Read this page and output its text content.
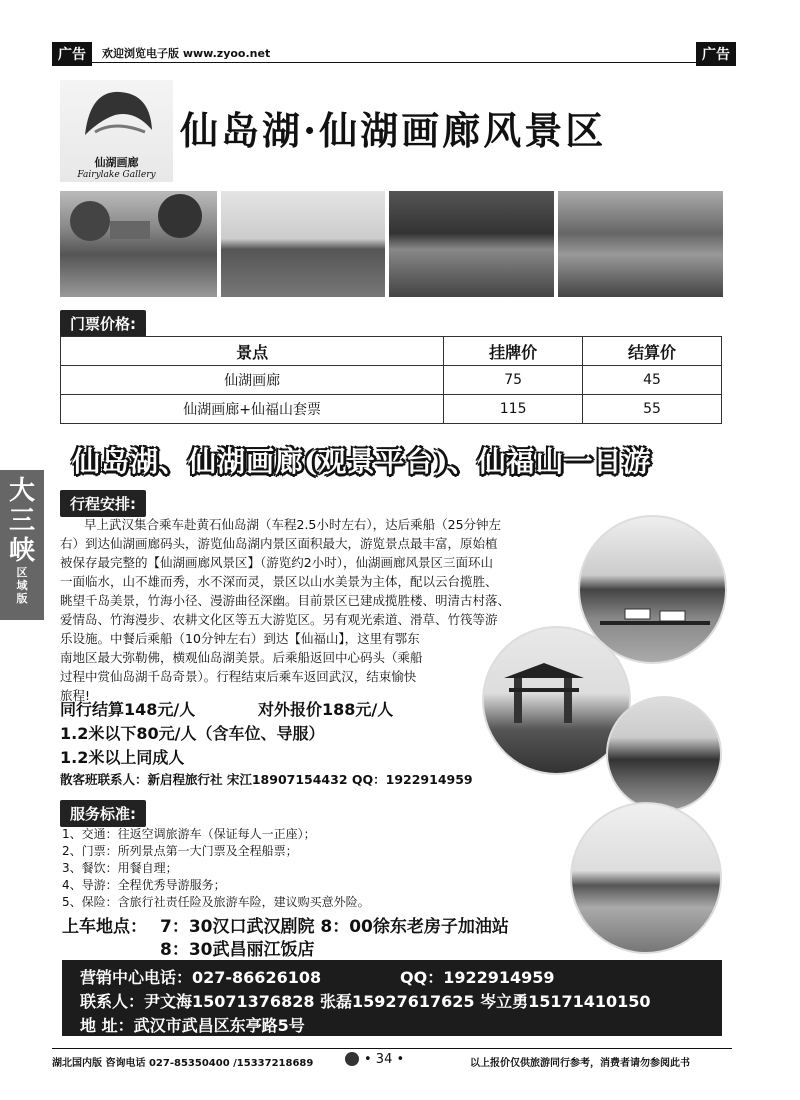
广告	欢迎浏览电子版 www.zyoo.net	广告
仙湖画廊
Fairylake Gallery
仙岛湖·仙湖画廊风景区
门票价格:
景点	挂牌价	结算价
仙湖画廊	75	45
仙湖画廊+仙福山套票	115	55
仙岛湖、仙湖画廊(观景平台)、仙福山一日游
大三峡
区域版
行程安排:
早上武汉集合乘车赴黄石仙岛湖（车程2.5小时左右），达后乘船（25分钟左
右）到达仙湖画廊码头，游览仙岛湖内景区面积最大，游览景点最丰富，原始植
被保存最完整的【仙湖画廊风景区】（游览约2小时），仙湖画廊风景区三面环山
一面临水，山不雄而秀，水不深而灵，景区以山水美景为主体，配以云台揽胜、
眺望千岛美景，竹海小径、漫游曲径深幽。目前景区已建成揽胜楼、明清古村落、
爱情岛、竹海漫步、农耕文化区等五大游览区。另有观光索道、滑草、竹筏等游
乐设施。中餐后乘船（10分钟左右）到达【仙福山】，这里有鄂东
南地区最大弥勒佛，横观仙岛湖美景。后乘船返回中心码头（乘船
过程中赏仙岛湖千岛奇景）。行程结束后乘车返回武汉，结束愉快
旅程!
同行结算148元/人	对外报价188元/人
1.2米以下80元/人（含车位、导服）
1.2米以上同成人
散客班联系人：新启程旅行社 宋江18907154432 QQ：1922914959
服务标准:
1、交通：往返空调旅游车（保证每人一正座）；
2、门票：所列景点第一大门票及全程船票；
3、餐饮：用餐自理；
4、导游：全程优秀导游服务；
5、保险：含旅行社责任险及旅游车险，建议购买意外险。
上车地点： 7：30汉口武汉剧院 8：00徐东老房子加油站
8：30武昌丽江饭店
营销中心电话：027-86626108	QQ：1922914959
联系人：尹文海15071376828 张磊15927617625 岑立勇15171410150
地 址：武汉市武昌区东亭路5号
湖北国内版 咨询电话 027-85350400 /15337218689	• 34 •	以上报价仅供旅游同行参考，消费者请勿参阅此书
